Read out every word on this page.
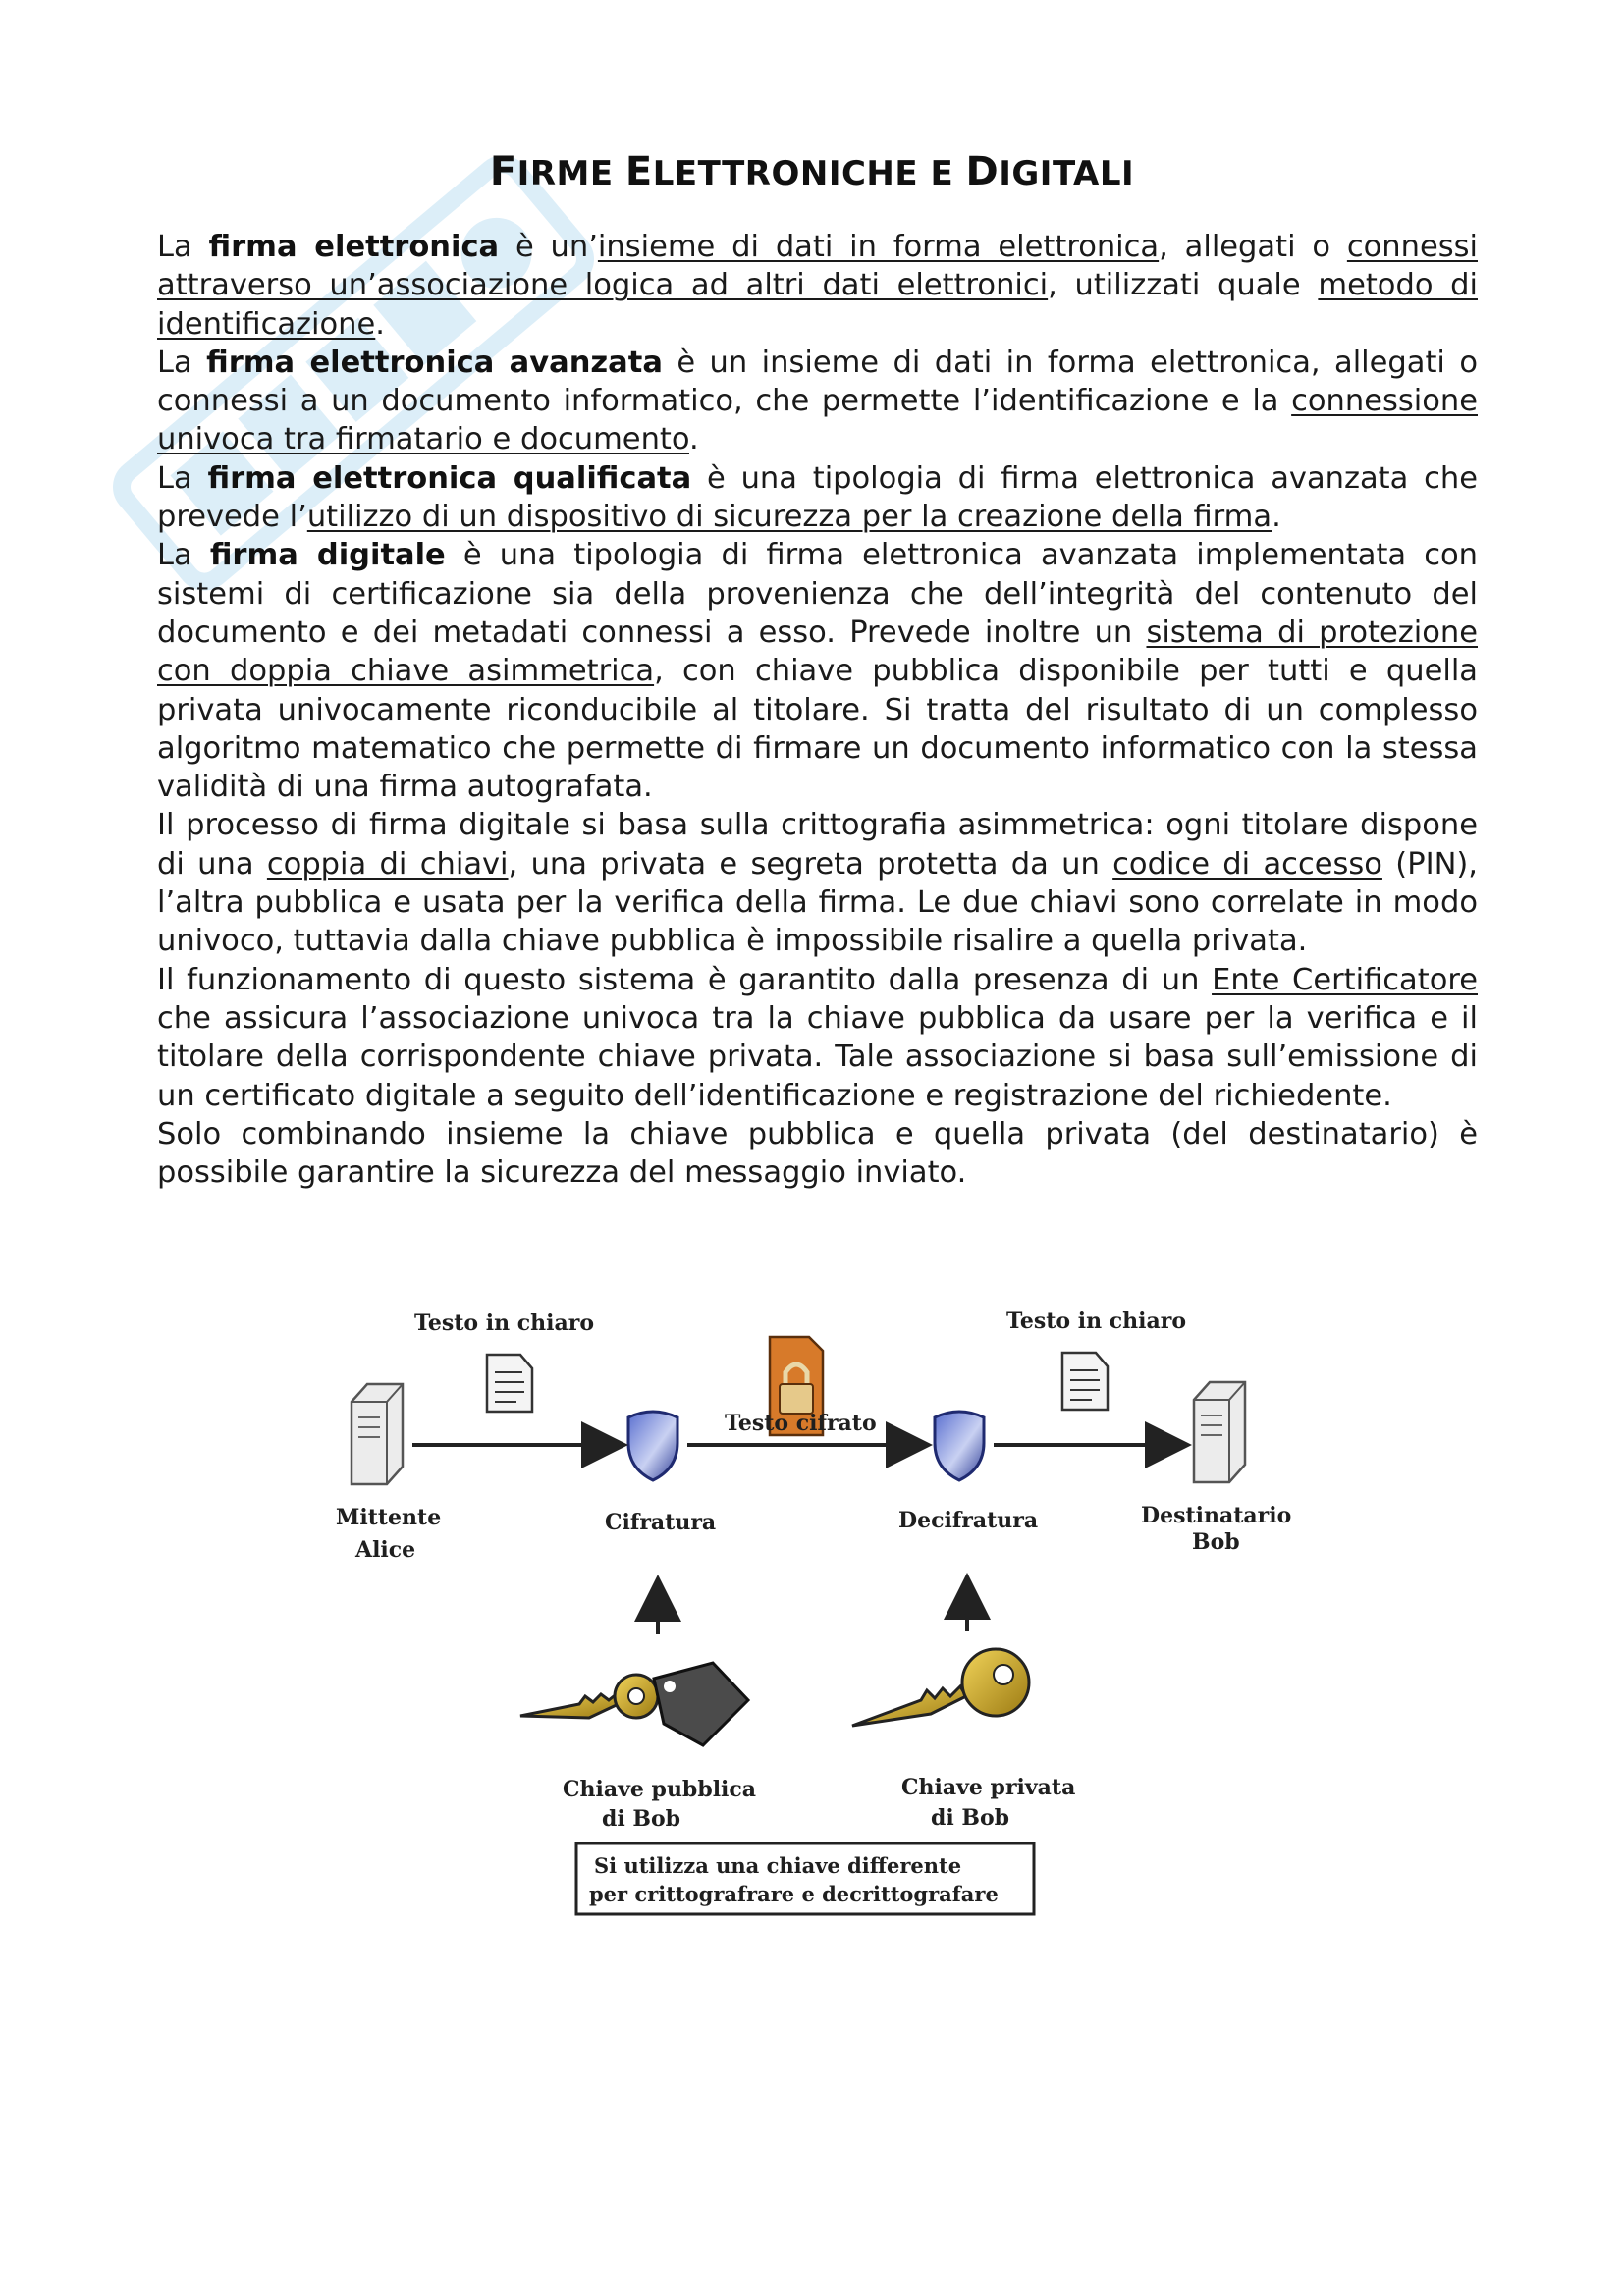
FIRME ELETTRONICHE E DIGITALI

La firma elettronica è un’insieme di dati in forma elettronica, allegati o connessi attraverso un’associazione logica ad altri dati elettronici, utilizzati quale metodo di identificazione.

La firma elettronica avanzata è un insieme di dati in forma elettronica, allegati o connessi a un documento informatico, che permette l’identificazione e la connessione univoca tra firmatario e documento.

La firma elettronica qualificata è una tipologia di firma elettronica avanzata che prevede l’utilizzo di un dispositivo di sicurezza per la creazione della firma.

La firma digitale è una tipologia di firma elettronica avanzata implementata con sistemi di certificazione sia della provenienza che dell’integrità del contenuto del documento e dei metadati connessi a esso. Prevede inoltre un sistema di protezione con doppia chiave asimmetrica, con chiave pubblica disponibile per tutti e quella privata univocamente riconducibile al titolare. Si tratta del risultato di un complesso algoritmo matematico che permette di firmare un documento informatico con la stessa validità di una firma autografata.

Il processo di firma digitale si basa sulla crittografia asimmetrica: ogni titolare dispone di una coppia di chiavi, una privata e segreta protetta da un codice di accesso (PIN), l’altra pubblica e usata per la verifica della firma. Le due chiavi sono correlate in modo univoco, tuttavia dalla chiave pubblica è impossibile risalire a quella privata.

Il funzionamento di questo sistema è garantito dalla presenza di un Ente Certificatore che assicura l’associazione univoca tra la chiave pubblica da usare per la verifica e il titolare della corrispondente chiave privata. Tale associazione si basa sull’emissione di un certificato digitale a seguito dell’identificazione e registrazione del richiedente.

Solo combinando insieme la chiave pubblica e quella privata (del destinatario) è possibile garantire la sicurezza del messaggio inviato.

Testo in chiaro	Testo in chiaro
Testo cifrato
Mittente
Alice
Cifratura	Decifratura	Destinatario
Bob
Chiave pubblica
di Bob
Chiave privata
di Bob
Si utilizza una chiave differente
per crittografrare e decrittografare
